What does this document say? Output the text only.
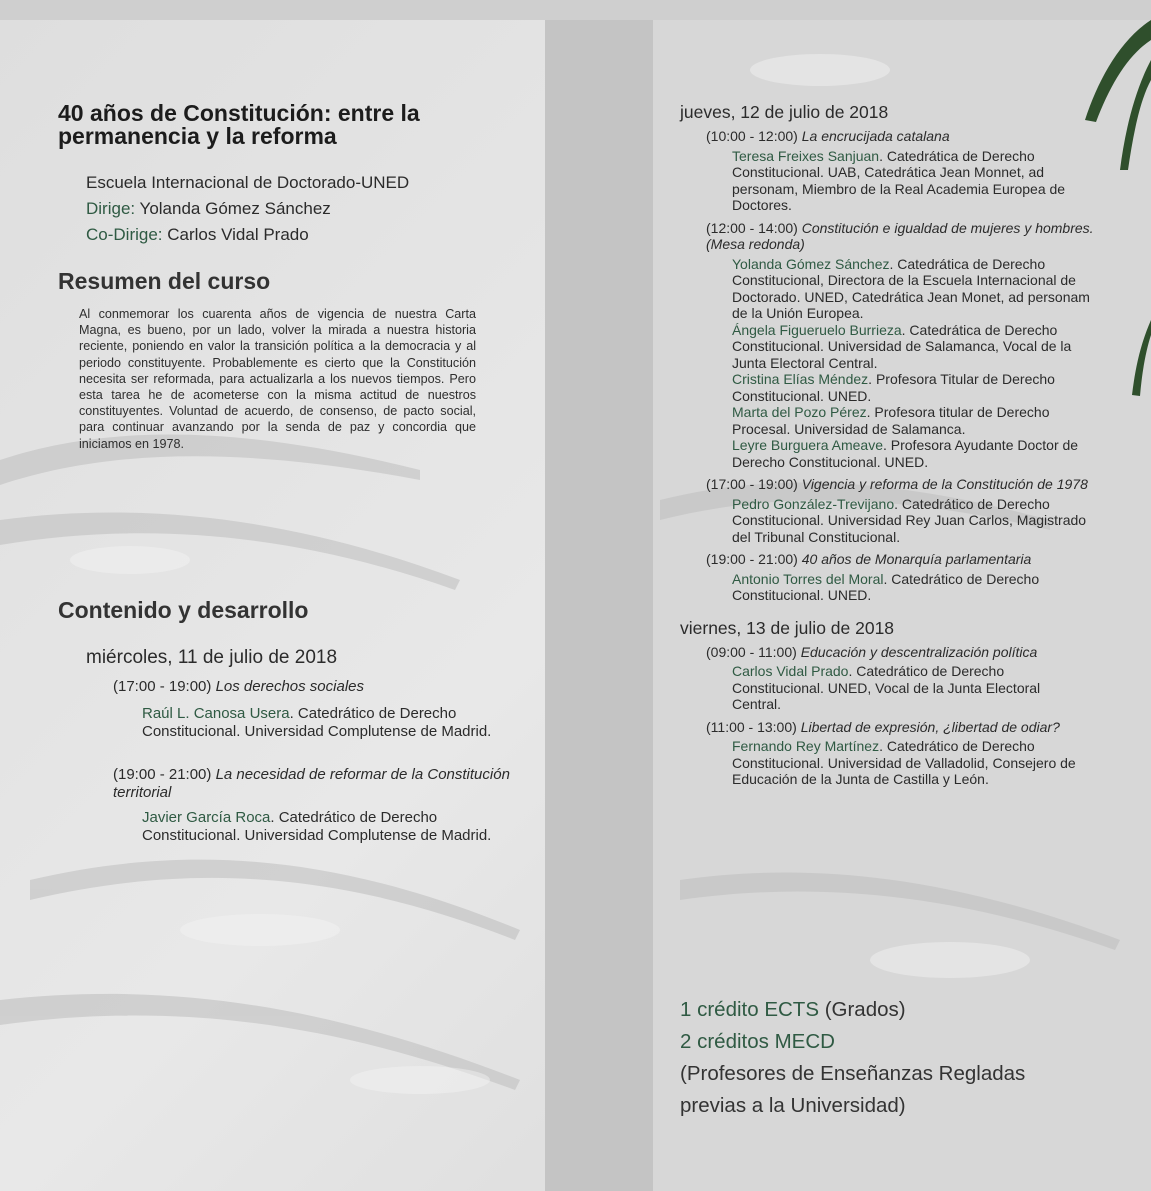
40 años de Constitución: entre la
permanencia y la reforma
Escuela Internacional de Doctorado-UNED
Dirige: Yolanda Gómez Sánchez
Co-Dirige: Carlos Vidal Prado
Resumen del curso

Al conmemorar los cuarenta años de vigencia de nuestra Carta Magna, es bueno, por un lado, volver la mirada a nuestra historia reciente, poniendo en valor la transición política a la democracia y al periodo constituyente. Probablemente es cierto que la Constitución necesita ser reformada, para actualizarla a los nuevos tiempos. Pero esta tarea he de acometerse con la misma actitud de nuestros constituyentes. Voluntad de acuerdo, de consenso, de pacto social, para continuar avanzando por la senda de paz y concordia que iniciamos en 1978.

Contenido y desarrollo
miércoles, 11 de julio de 2018
(17:00 - 19:00) Los derechos sociales
Raúl L. Canosa Usera. Catedrático de Derecho Constitucional. Universidad Complutense de Madrid.
(19:00 - 21:00) La necesidad de reformar de la Constitución territorial
Javier García Roca. Catedrático de Derecho Constitucional. Universidad Complutense de Madrid.
jueves, 12 de julio de 2018
(10:00 - 12:00) La encrucijada catalana
Teresa Freixes Sanjuan. Catedrática de Derecho Constitucional. UAB, Catedrática Jean Monnet, ad personam, Miembro de la Real Academia Europea de Doctores.
(12:00 - 14:00) Constitución e igualdad de mujeres y hombres. (Mesa redonda)
Yolanda Gómez Sánchez. Catedrática de Derecho Constitucional, Directora de la Escuela Internacional de Doctorado. UNED, Catedrática Jean Monet, ad personam de la Unión Europea.
Ángela Figueruelo Burrieza. Catedrática de Derecho Constitucional. Universidad de Salamanca, Vocal de la Junta Electoral Central.
Cristina Elías Méndez. Profesora Titular de Derecho Constitucional. UNED.
Marta del Pozo Pérez. Profesora titular de Derecho Procesal. Universidad de Salamanca.
Leyre Burguera Ameave. Profesora Ayudante Doctor de Derecho Constitucional. UNED.
(17:00 - 19:00) Vigencia y reforma de la Constitución de 1978
Pedro González-Trevijano. Catedrático de Derecho Constitucional. Universidad Rey Juan Carlos, Magistrado del Tribunal Constitucional.
(19:00 - 21:00) 40 años de Monarquía parlamentaria
Antonio Torres del Moral. Catedrático de Derecho Constitucional. UNED.
viernes, 13 de julio de 2018
(09:00 - 11:00) Educación y descentralización política
Carlos Vidal Prado. Catedrático de Derecho Constitucional. UNED, Vocal de la Junta Electoral Central.
(11:00 - 13:00) Libertad de expresión, ¿libertad de odiar?
Fernando Rey Martínez. Catedrático de Derecho Constitucional. Universidad de Valladolid, Consejero de Educación de la Junta de Castilla y León.
1 crédito ECTS (Grados)
2 créditos MECD
(Profesores de Enseñanzas Regladas
previas a la Universidad)
